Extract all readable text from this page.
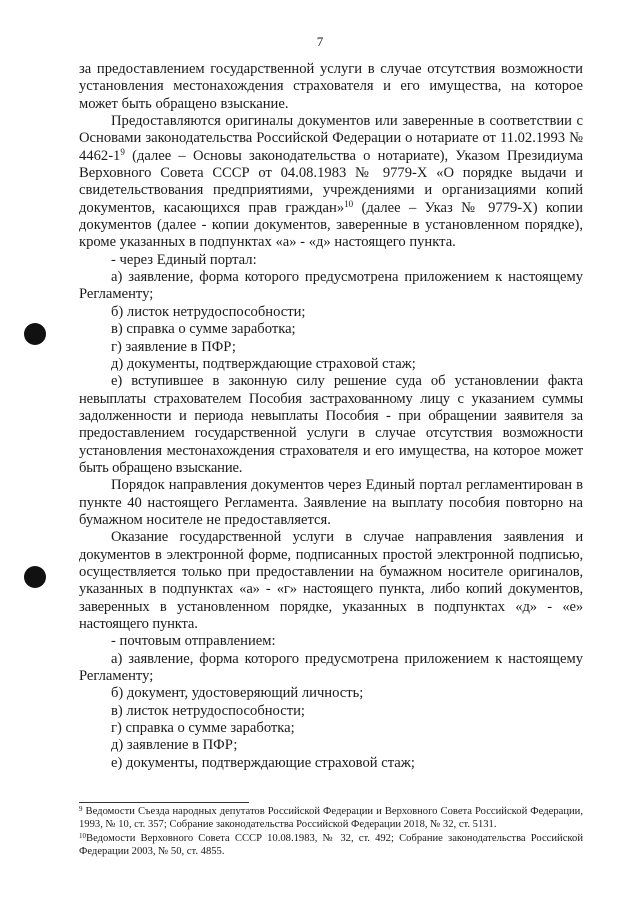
7
за предоставлением государственной услуги в случае отсутствия возможности установления местонахождения страхователя и его имущества, на которое может быть обращено взыскание.
Предоставляются оригиналы документов или заверенные в соответствии с Основами законодательства Российской Федерации о нотариате от 11.02.1993 № $4462-1^9$ (далее – Основы законодательства о нотариате), Указом Президиума Верховного Совета СССР от 04.08.1983 № 9779-Х «О порядке выдачи и свидетельствования предприятиями, учреждениями и организациями копий документов, касающихся прав граждан»$^{10}$ (далее – Указ № 9779-Х) копии документов (далее - копии документов, заверенные в установленном порядке), кроме указанных в подпунктах «а» - «д» настоящего пункта.
- через Единый портал:
а) заявление, форма которого предусмотрена приложением к настоящему Регламенту;
б) листок нетрудоспособности;
в) справка о сумме заработка;
г) заявление в ПФР;
д) документы, подтверждающие страховой стаж;
е) вступившее в законную силу решение суда об установлении факта невыплаты страхователем Пособия застрахованному лицу с указанием суммы задолженности и периода невыплаты Пособия - при обращении заявителя за предоставлением государственной услуги в случае отсутствия возможности установления местонахождения страхователя и его имущества, на которое может быть обращено взыскание.
Порядок направления документов через Единый портал регламентирован в пункте 40 настоящего Регламента. Заявление на выплату пособия повторно на бумажном носителе не предоставляется.
Оказание государственной услуги в случае направления заявления и документов в электронной форме, подписанных простой электронной подписью, осуществляется только при предоставлении на бумажном носителе оригиналов, указанных в подпунктах «а» - «г» настоящего пункта, либо копий документов, заверенных в установленном порядке, указанных в подпунктах «д» - «е» настоящего пункта.
- почтовым отправлением:
а) заявление, форма которого предусмотрена приложением к настоящему Регламенту;
б) документ, удостоверяющий личность;
в) листок нетрудоспособности;
г) справка о сумме заработка;
д) заявление в ПФР;
е) документы, подтверждающие страховой стаж;
$^9$ Ведомости Съезда народных депутатов Российской Федерации и Верховного Совета Российской Федерации, 1993, № 10, ст. 357; Собрание законодательства Российской Федерации 2018, № 32, ст. 5131.
$^{10}$Ведомости Верховного Совета СССР 10.08.1983, № 32, ст. 492; Собрание законодательства Российской Федерации 2003, № 50, ст. 4855.
